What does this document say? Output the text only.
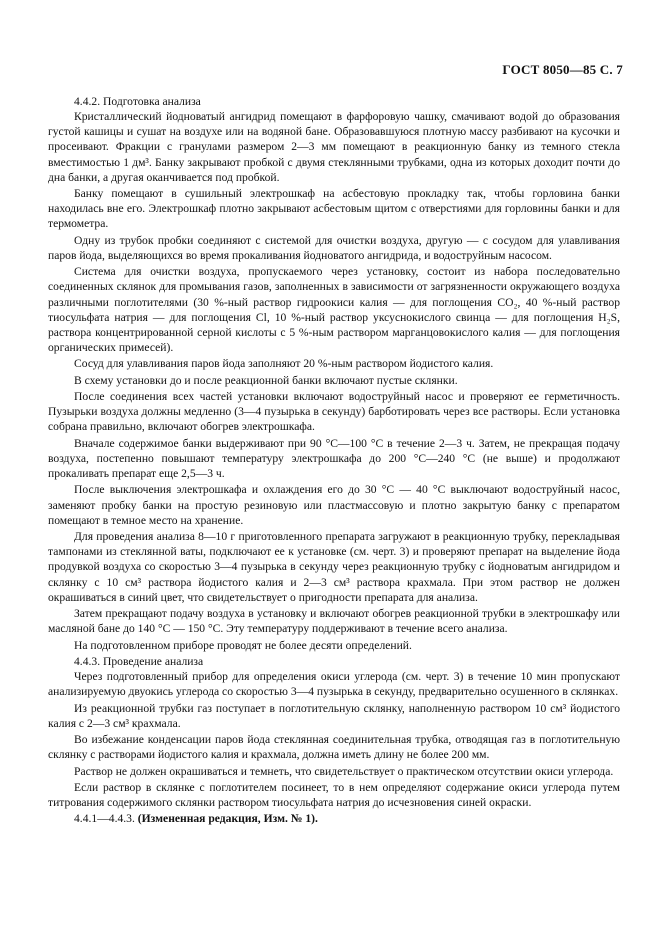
ГОСТ 8050—85 С. 7

4.4.2. Подготовка анализа

Кристаллический йодноватый ангидрид помещают в фарфоровую чашку, смачивают водой до образования густой кашицы и сушат на воздухе или на водяной бане. Образовавшуюся плотную массу разбивают на кусочки и просеивают. Фракции с гранулами размером 2—3 мм помещают в реакционную банку из темного стекла вместимостью 1 дм³. Банку закрывают пробкой с двумя стеклянными трубками, одна из которых доходит почти до дна банки, а другая оканчивается под пробкой.

Банку помещают в сушильный электрошкаф на асбестовую прокладку так, чтобы горловина банки находилась вне его. Электрошкаф плотно закрывают асбестовым щитом с отверстиями для горловины банки и для термометра.

Одну из трубок пробки соединяют с системой для очистки воздуха, другую — с сосудом для улавливания паров йода, выделяющихся во время прокаливания йодноватого ангидрида, и водоструйным насосом.

Система для очистки воздуха, пропускаемого через установку, состоит из набора последовательно соединенных склянок для промывания газов, заполненных в зависимости от загрязненности окружающего воздуха различными поглотителями (30 %-ный раствор гидроокиси калия — для поглощения CO₂, 40 %-ный раствор тиосульфата натрия — для поглощения Cl, 10 %-ный раствор уксуснокислого свинца — для поглощения H₂S, раствора концентрированной серной кислоты с 5 %-ным раствором марганцовокислого калия — для поглощения органических примесей).

Сосуд для улавливания паров йода заполняют 20 %-ным раствором йодистого калия.

В схему установки до и после реакционной банки включают пустые склянки.

После соединения всех частей установки включают водоструйный насос и проверяют ее герметичность. Пузырьки воздуха должны медленно (3—4 пузырька в секунду) барботировать через все растворы. Если установка собрана правильно, включают обогрев электрошкафа.

Вначале содержимое банки выдерживают при 90 °C—100 °C в течение 2—3 ч. Затем, не прекращая подачу воздуха, постепенно повышают температуру электрошкафа до 200 °C—240 °C (не выше) и продолжают прокаливать препарат еще 2,5—3 ч.

После выключения электрошкафа и охлаждения его до 30 °C — 40 °C выключают водоструйный насос, заменяют пробку банки на простую резиновую или пластмассовую и плотно закрытую банку с препаратом помещают в темное место на хранение.

Для проведения анализа 8—10 г приготовленного препарата загружают в реакционную трубку, перекладывая тампонами из стеклянной ваты, подключают ее к установке (см. черт. 3) и проверяют препарат на выделение йода продувкой воздуха со скоростью 3—4 пузырька в секунду через реакционную трубку с йодноватым ангидридом и склянку с 10 см³ раствора йодистого калия и 2—3 см³ раствора крахмала. При этом раствор не должен окрашиваться в синий цвет, что свидетельствует о пригодности препарата для анализа.

Затем прекращают подачу воздуха в установку и включают обогрев реакционной трубки в электрошкафу или масляной бане до 140 °C — 150 °C. Эту температуру поддерживают в течение всего анализа.

На подготовленном приборе проводят не более десяти определений.

4.4.3. Проведение анализа

Через подготовленный прибор для определения окиси углерода (см. черт. 3) в течение 10 мин пропускают анализируемую двуокись углерода со скоростью 3—4 пузырька в секунду, предварительно осушенного в склянках.

Из реакционной трубки газ поступает в поглотительную склянку, наполненную раствором 10 см³ йодистого калия с 2—3 см³ крахмала.

Во избежание конденсации паров йода стеклянная соединительная трубка, отводящая газ в поглотительную склянку с растворами йодистого калия и крахмала, должна иметь длину не более 200 мм.

Раствор не должен окрашиваться и темнеть, что свидетельствует о практическом отсутствии окиси углерода.

Если раствор в склянке с поглотителем посинеет, то в нем определяют содержание окиси углерода путем титрования содержимого склянки раствором тиосульфата натрия до исчезновения синей окраски.

4.4.1—4.4.3. (Измененная редакция, Изм. № 1).
